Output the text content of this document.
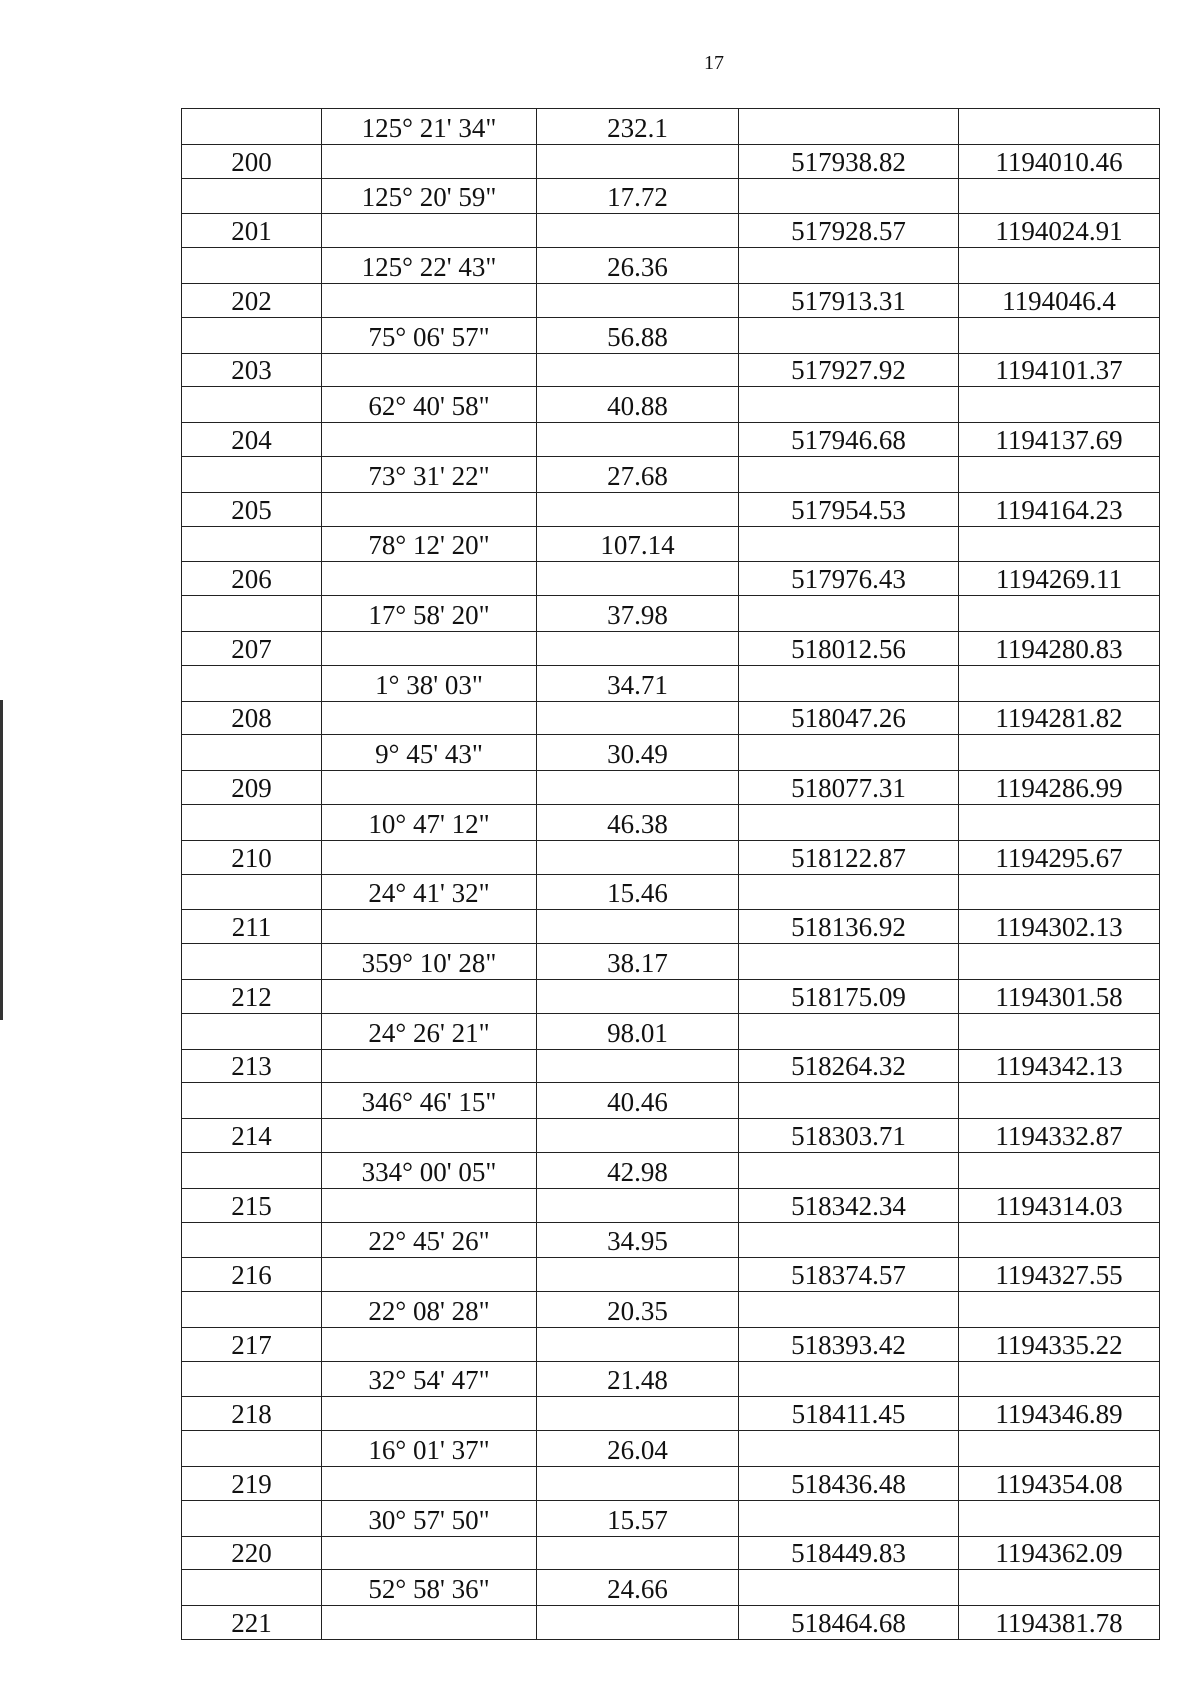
17
	125° 21' 34"	232.1		
200			517938.82	1194010.46
	125° 20' 59"	17.72		
201			517928.57	1194024.91
	125° 22' 43"	26.36		
202			517913.31	1194046.4
	75° 06' 57"	56.88		
203			517927.92	1194101.37
	62° 40' 58"	40.88		
204			517946.68	1194137.69
	73° 31' 22"	27.68		
205			517954.53	1194164.23
	78° 12' 20"	107.14		
206			517976.43	1194269.11
	17° 58' 20"	37.98		
207			518012.56	1194280.83
	1° 38' 03"	34.71		
208			518047.26	1194281.82
	9° 45' 43"	30.49		
209			518077.31	1194286.99
	10° 47' 12"	46.38		
210			518122.87	1194295.67
	24° 41' 32"	15.46		
211			518136.92	1194302.13
	359° 10' 28"	38.17		
212			518175.09	1194301.58
	24° 26' 21"	98.01		
213			518264.32	1194342.13
	346° 46' 15"	40.46		
214			518303.71	1194332.87
	334° 00' 05"	42.98		
215			518342.34	1194314.03
	22° 45' 26"	34.95		
216			518374.57	1194327.55
	22° 08' 28"	20.35		
217			518393.42	1194335.22
	32° 54' 47"	21.48		
218			518411.45	1194346.89
	16° 01' 37"	26.04		
219			518436.48	1194354.08
	30° 57' 50"	15.57		
220			518449.83	1194362.09
	52° 58' 36"	24.66		
221			518464.68	1194381.78
